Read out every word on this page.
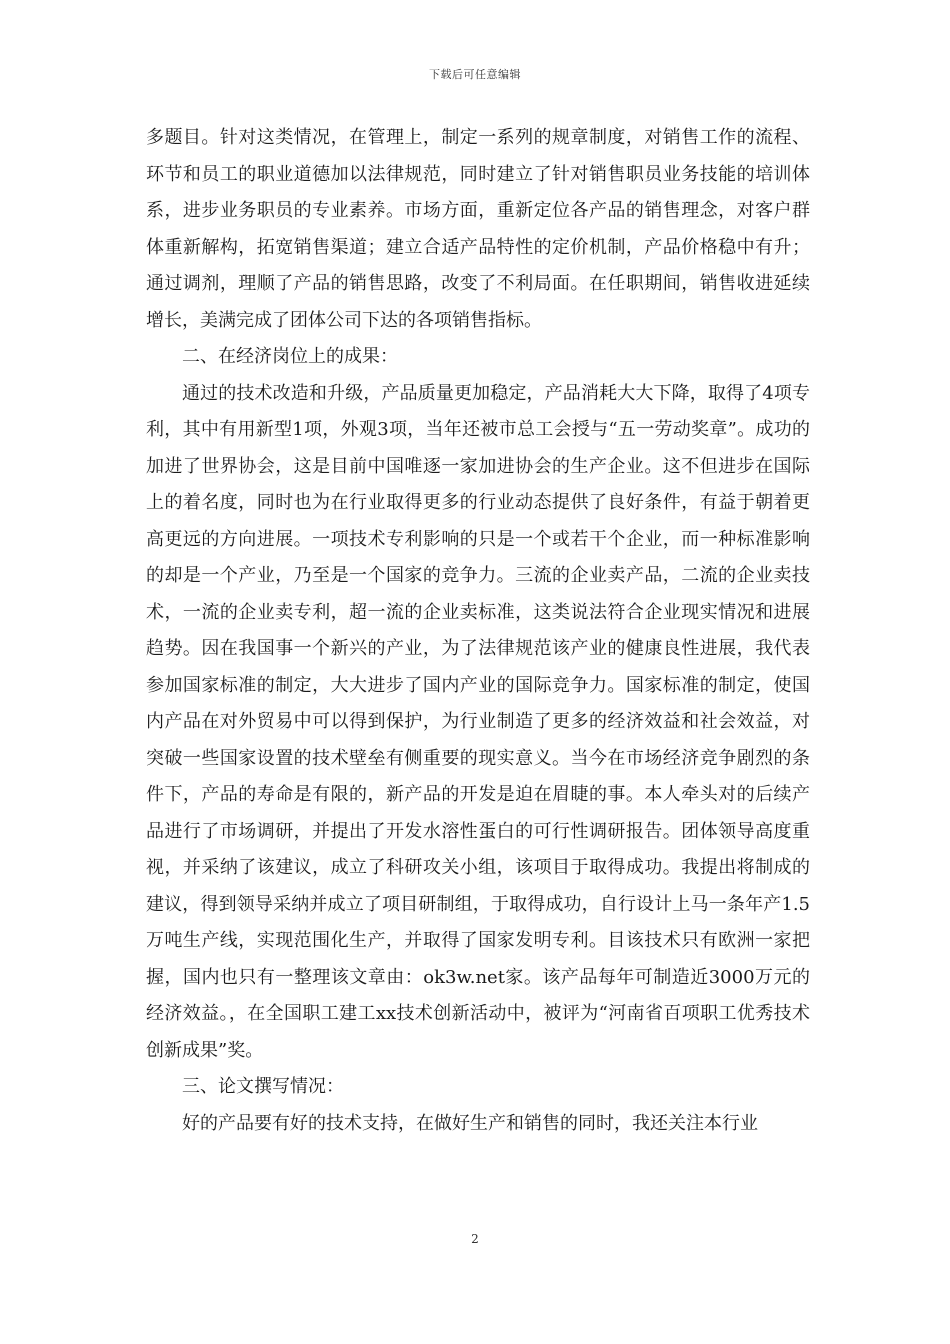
下载后可任意编辑

多题目。针对这类情况，在管理上，制定一系列的规章制度，对销售工作的流程、环节和员工的职业道德加以法律规范，同时建立了针对销售职员业务技能的培训体系，进步业务职员的专业素养。市场方面，重新定位各产品的销售理念，对客户群体重新解构，拓宽销售渠道；建立合适产品特性的定价机制，产品价格稳中有升；通过调剂，理顺了产品的销售思路，改变了不利局面。在任职期间，销售收进延续增长，美满完成了团体公司下达的各项销售指标。

二、在经济岗位上的成果：

通过的技术改造和升级，产品质量更加稳定，产品消耗大大下降，取得了4项专利，其中有用新型1项，外观3项，当年还被市总工会授与“五一劳动奖章”。成功的加进了世界协会，这是目前中国唯逐一家加进协会的生产企业。这不但进步在国际上的着名度，同时也为在行业取得更多的行业动态提供了良好条件，有益于朝着更高更远的方向进展。一项技术专利影响的只是一个或若干个企业，而一种标准影响的却是一个产业，乃至是一个国家的竞争力。三流的企业卖产品，二流的企业卖技术，一流的企业卖专利，超一流的企业卖标准，这类说法符合企业现实情况和进展趋势。因在我国事一个新兴的产业，为了法律规范该产业的健康良性进展，我代表参加国家标准的制定，大大进步了国内产业的国际竞争力。国家标准的制定，使国内产品在对外贸易中可以得到保护，为行业制造了更多的经济效益和社会效益，对突破一些国家设置的技术壁垒有侧重要的现实意义。当今在市场经济竞争剧烈的条件下，产品的寿命是有限的，新产品的开发是迫在眉睫的事。本人牵头对的后续产品进行了市场调研，并提出了开发水溶性蛋白的可行性调研报告。团体领导高度重视，并采纳了该建议，成立了科研攻关小组，该项目于取得成功。我提出将制成的建议，得到领导采纳并成立了项目研制组，于取得成功，自行设计上马一条年产1.5万吨生产线，实现范围化生产，并取得了国家发明专利。目该技术只有欧洲一家把握，国内也只有一整理该文章由：ok3w.net家。该产品每年可制造近3000万元的经济效益。，在全国职工建工xx技术创新活动中，被评为“河南省百项职工优秀技术创新成果”奖。

三、论文撰写情况：

好的产品要有好的技术支持，在做好生产和销售的同时，我还关注本行业

2
